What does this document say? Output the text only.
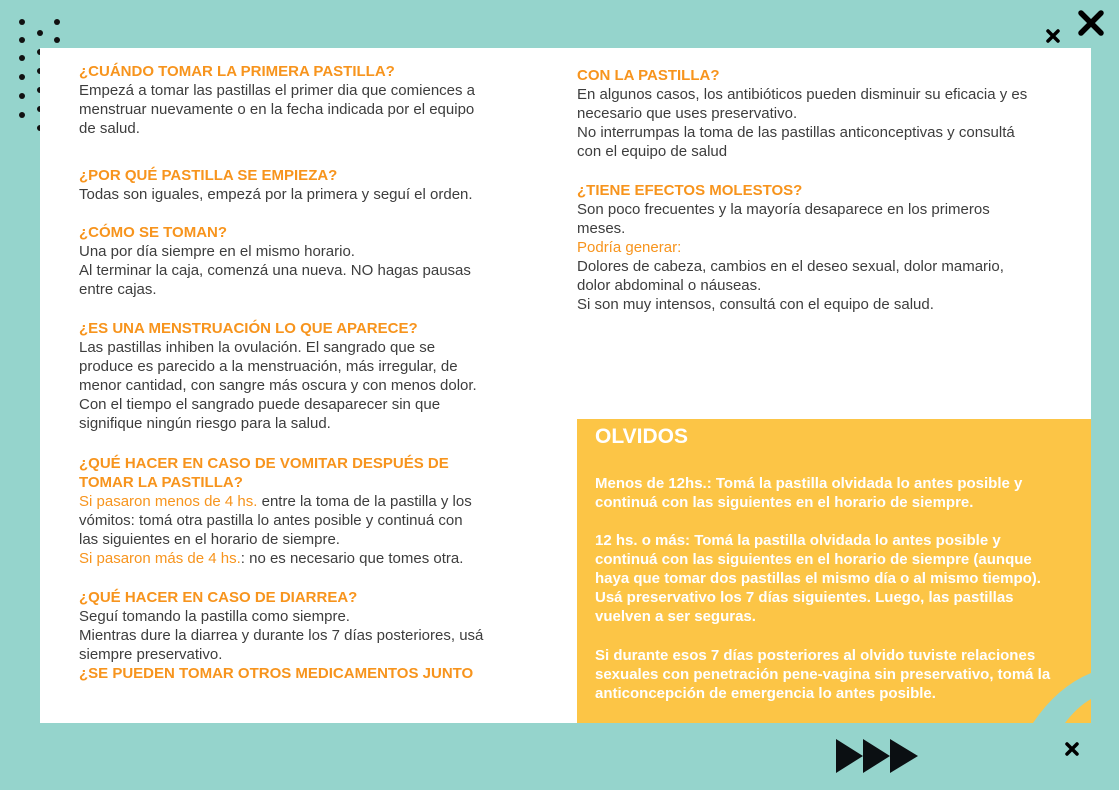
¿CUÁNDO TOMAR LA PRIMERA PASTILLA?
Empezá a tomar las pastillas el primer dia que comiences a
menstruar nuevamente o en la fecha indicada por el equipo
de salud.
¿POR QUÉ PASTILLA SE EMPIEZA?
Todas son iguales, empezá por la primera y seguí el orden.
¿CÓMO SE TOMAN?
Una por día siempre en el mismo horario.
Al terminar la caja, comenzá una nueva. NO hagas pausas
entre cajas.
¿ES UNA MENSTRUACIÓN LO QUE APARECE?
Las pastillas inhiben la ovulación. El sangrado que se
produce es parecido a la menstruación, más irregular, de
menor cantidad, con sangre más oscura y con menos dolor.
Con el tiempo el sangrado puede desaparecer sin que
signifique ningún riesgo para la salud.
¿QUÉ HACER EN CASO DE VOMITAR DESPUÉS DE
TOMAR LA PASTILLA?
Si pasaron menos de 4 hs. entre la toma de la pastilla y los
vómitos: tomá otra pastilla lo antes posible y continuá con
las siguientes en el horario de siempre.
Si pasaron más de 4 hs.: no es necesario que tomes otra.
¿QUÉ HACER EN CASO DE DIARREA?
Seguí tomando la pastilla como siempre.
Mientras dure la diarrea y durante los 7 días posteriores, usá
siempre preservativo.
¿SE PUEDEN TOMAR OTROS MEDICAMENTOS JUNTO
CON LA PASTILLA?
En algunos casos, los antibióticos pueden disminuir su eficacia y es
necesario que uses preservativo.
No interrumpas la toma de las pastillas anticonceptivas y consultá
con el equipo de salud
¿TIENE EFECTOS MOLESTOS?
Son poco frecuentes y la mayoría desaparece en los primeros
meses.
Podría generar:
Dolores de cabeza, cambios en el deseo sexual, dolor mamario,
dolor abdominal o náuseas.
Si son muy intensos, consultá con el equipo de salud.
OLVIDOS
Menos de 12hs.: Tomá la pastilla olvidada lo antes posible y
continuá con las siguientes en el horario de siempre.
12 hs. o más: Tomá la pastilla olvidada lo antes posible y
continuá con las siguientes en el horario de siempre (aunque
haya que tomar dos pastillas el mismo día o al mismo tiempo).
Usá preservativo los 7 días siguientes. Luego, las pastillas
vuelven a ser seguras.
Si durante esos 7 días posteriores al olvido tuviste relaciones
sexuales con penetración pene-vagina sin preservativo, tomá la
anticoncepción de emergencia lo antes posible.
